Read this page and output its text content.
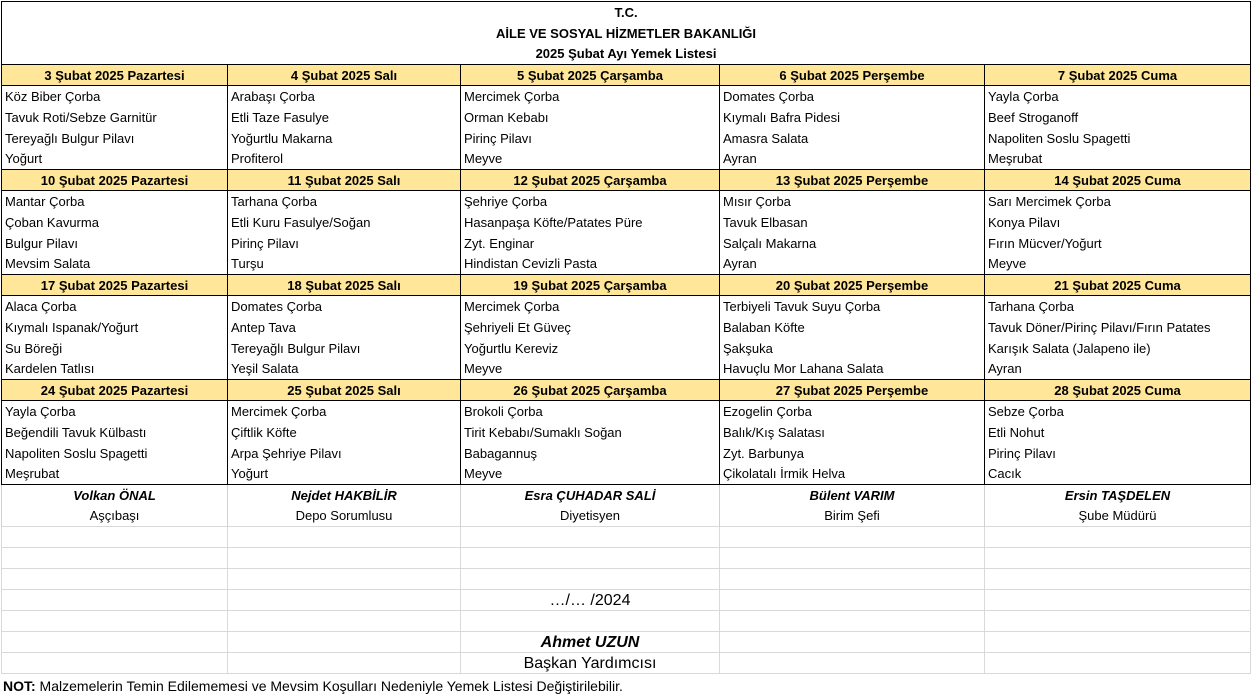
T.C.				
AİLE VE SOSYAL HİZMETLER BAKANLIĞI				
2025 Şubat Ayı Yemek Listesi				
3 Şubat 2025 Pazartesi	4 Şubat 2025 Salı	5 Şubat 2025 Çarşamba	6 Şubat 2025 Perşembe	7 Şubat 2025 Cuma
Köz Biber Çorba	Arabaşı Çorba	Mercimek Çorba	Domates Çorba	Yayla Çorba
Tavuk Roti/Sebze Garnitür	Etli Taze Fasulye	Orman Kebabı	Kıymalı Bafra Pidesi	Beef Stroganoff
Tereyağlı Bulgur Pilavı	Yoğurtlu Makarna	Pirinç Pilavı	Amasra Salata	Napoliten Soslu Spagetti
Yoğurt	Profiterol	Meyve	Ayran	Meşrubat
10 Şubat 2025 Pazartesi	11 Şubat 2025 Salı	12 Şubat 2025 Çarşamba	13 Şubat 2025 Perşembe	14 Şubat 2025 Cuma
Mantar Çorba	Tarhana Çorba	Şehriye Çorba	Mısır Çorba	Sarı Mercimek Çorba
Çoban Kavurma	Etli Kuru Fasulye/Soğan	Hasanpaşa Köfte/Patates Püre	Tavuk Elbasan	Konya Pilavı
Bulgur Pilavı	Pirinç Pilavı	Zyt. Enginar	Salçalı Makarna	Fırın Mücver/Yoğurt
Mevsim Salata	Turşu	Hindistan Cevizli Pasta	Ayran	Meyve
17 Şubat 2025 Pazartesi	18 Şubat 2025 Salı	19 Şubat 2025 Çarşamba	20 Şubat 2025 Perşembe	21 Şubat 2025 Cuma
Alaca Çorba	Domates Çorba	Mercimek Çorba	Terbiyeli Tavuk Suyu Çorba	Tarhana Çorba
Kıymalı Ispanak/Yoğurt	Antep Tava	Şehriyeli Et Güveç	Balaban Köfte	Tavuk Döner/Pirinç Pilavı/Fırın Patates
Su Böreği	Tereyağlı Bulgur Pilavı	Yoğurtlu Kereviz	Şakşuka	Karışık Salata (Jalapeno ile)
Kardelen Tatlısı	Yeşil Salata	Meyve	Havuçlu Mor Lahana Salata	Ayran
24 Şubat 2025 Pazartesi	25 Şubat 2025 Salı	26 Şubat 2025 Çarşamba	27 Şubat 2025 Perşembe	28 Şubat 2025 Cuma
Yayla Çorba	Mercimek Çorba	Brokoli Çorba	Ezogelin Çorba	Sebze Çorba
Beğendili Tavuk Külbastı	Çiftlik Köfte	Tirit Kebabı/Sumaklı Soğan	Balık/Kış Salatası	Etli Nohut
Napoliten Soslu Spagetti	Arpa Şehriye Pilavı	Babagannuş	Zyt. Barbunya	Pirinç Pilavı
Meşrubat	Yoğurt	Meyve	Çikolatalı İrmik Helva	Cacık
Volkan ÖNAL	Nejdet HAKBİLİR	Esra ÇUHADAR SALİ	Bülent VARIM	Ersin TAŞDELEN
Aşçıbaşı	Depo Sorumlusu	Diyetisyen	Birim Şefi	Şube Müdürü

		…/… /2024		

		Ahmet UZUN		
		Başkan Yardımcısı		
NOT: Malzemelerin Temin Edilememesi ve Mevsim Koşulları Nedeniyle Yemek Listesi Değiştirilebilir.
